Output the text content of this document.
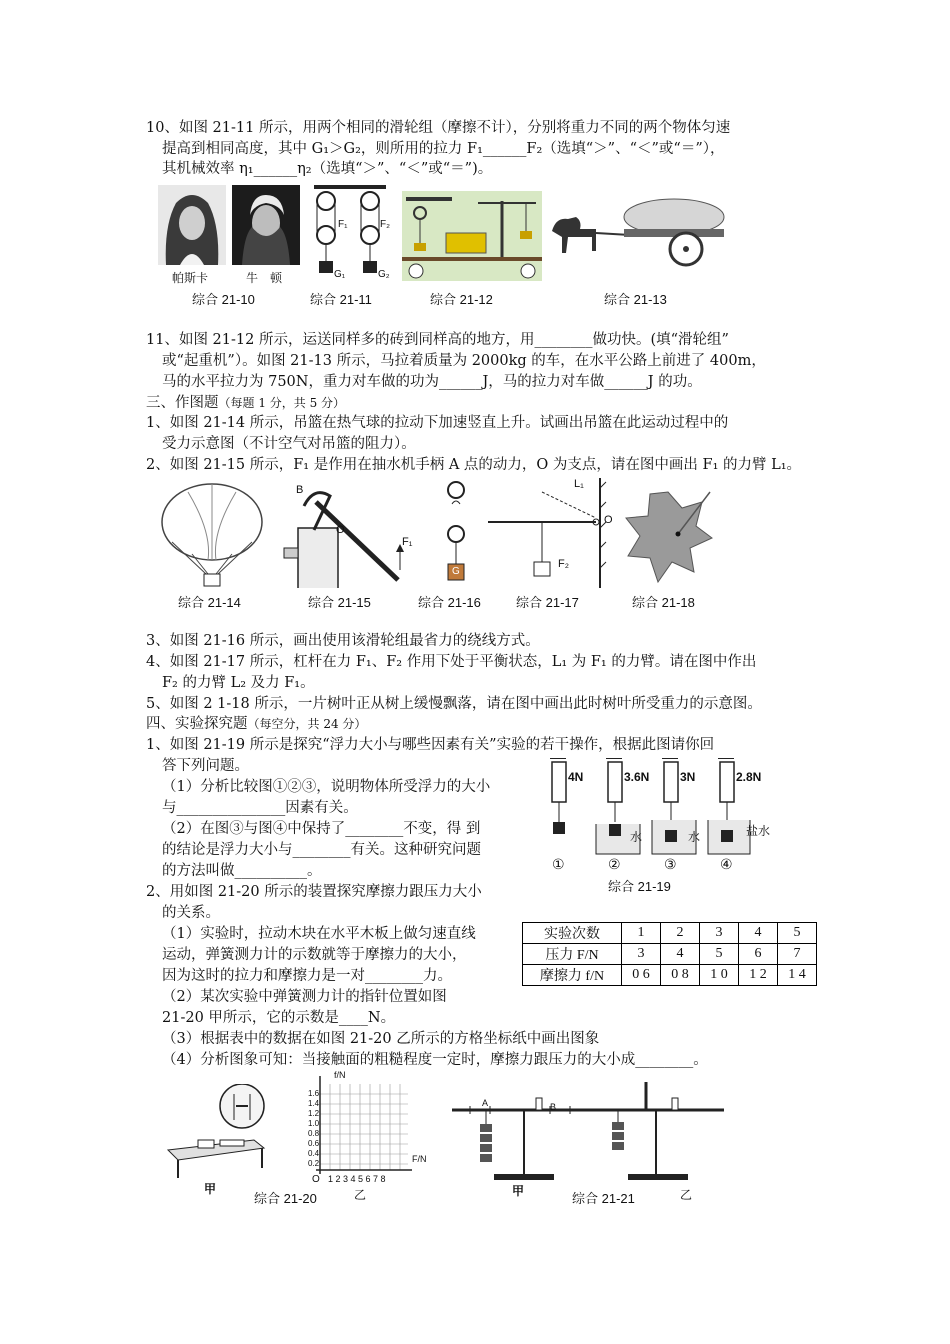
10、如图 21-11 所示，用两个相同的滑轮组（摩擦不计），分别将重力不同的两个物体匀速
提高到相同高度，其中 G₁＞G₂，则所用的拉力 F₁______F₂（选填“＞”、“＜”或“＝”），
其机械效率 η₁______η₂（选填“＞”、“＜”或“＝”)。
帕斯卡	牛　顿
F₁	F₂
G₁	G₂
综合 21-10	综合 21-11	综合 21-12	综合 21-13
11、如图 21-12 所示，运送同样多的砖到同样高的地方，用________做功快。(填“滑轮组”
或“起重机”）。如图 21-13 所示，马拉着质量为 2000kg 的车，在水平公路上前进了 400m，
马的水平拉力为 750N，重力对车做的功为______J，马的拉力对车做______J 的功。
三、作图题（每题 1 分，共 5 分）
1、如图 21-14 所示，吊篮在热气球的拉动下加速竖直上升。试画出吊篮在此运动过程中的
受力示意图（不计空气对吊篮的阻力）。
2、如图 21-15 所示，F₁ 是作用在抽水机手柄 A 点的动力，O 为支点，请在图中画出 F₁ 的力臂 L₁。
B
O
F₁
G
L₁
O
F₂
综合 21-14	综合 21-15	综合 21-16	综合 21-17	综合 21-18
3、如图 21-16 所示，画出使用该滑轮组最省力的绕线方式。
4、如图 21-17 所示，杠杆在力 F₁、F₂ 作用下处于平衡状态，L₁ 为 F₁ 的力臂。请在图中作出
F₂ 的力臂 L₂ 及力 F₁。
5、如图 2 1-18 所示，一片树叶正从树上缓慢飘落，请在图中画出此时树叶所受重力的示意图。
四、实验探究题（每空分，共 24 分）
1、如图 21-19 所示是探究“浮力大小与哪些因素有关”实验的若干操作，根据此图请你回
答下列问题。
（1）分析比较图①②③，说明物体所受浮力的大小
与_______________因素有关。
（2）在图③与图④中保持了________不变，得 到
的结论是浮力大小与________有关。这种研究问题
的方法叫做__________。
4N	3.6N	3N	2.8N
水	水	盐水
①	②	③	④
综合 21-19
2、用如图 21-20 所示的装置探究摩擦力跟压力大小
的关系。
（1）实验时，拉动木块在水平木板上做匀速直线
运动，弹簧测力计的示数就等于摩擦力的大小，
因为这时的拉力和摩擦力是一对________力。
（2）某次实验中弹簧测力计的指针位置如图
21-20 甲所示，它的示数是____N。
（3）根据表中的数据在如图 21-20 乙所示的方格坐标纸中画出图象
（4）分析图象可知：当接触面的粗糙程度一定时，摩擦力跟压力的大小成________。
实验次数	1	2	3	4	5
压力 F/N	3	4	5	6	7
摩擦力 f/N	0 6	0 8	1 0	1 2	1 4
甲
f/N
F/N
O 1 2 3 4 5 6 7 8
1.6
1.4
1.2
1.0
0.8
0.6
0.4
0.2
乙
A	B
甲	乙
综合 21-20	综合 21-21
